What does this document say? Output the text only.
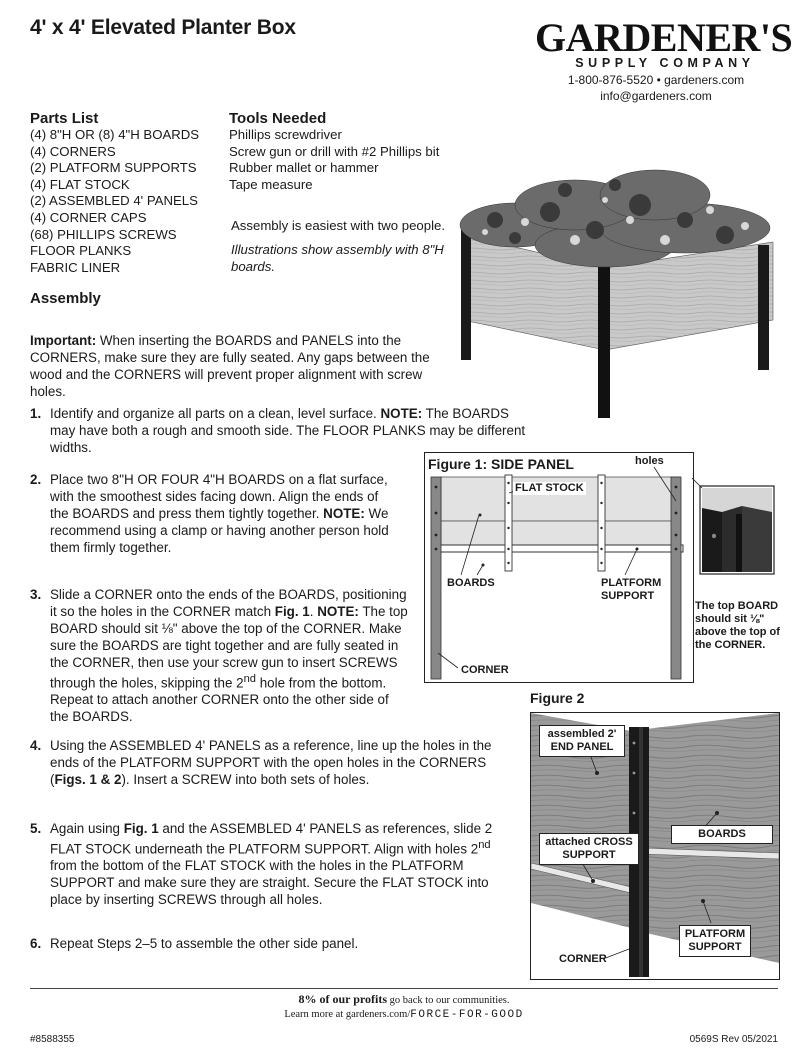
4' x 4' Elevated Planter Box	GARDENER'S
SUPPLY COMPANY
1-800-876-5520 • gardeners.com
info@gardeners.com
Parts List
(4) 8"H OR (8) 4"H BOARDS
(4) CORNERS
(2) PLATFORM SUPPORTS
(4) FLAT STOCK
(2) ASSEMBLED 4' PANELS
(4) CORNER CAPS
(68) PHILLIPS SCREWS
FLOOR PLANKS
FABRIC LINER
Tools Needed
Phillips screwdriver
Screw gun or drill with #2 Phillips bit
Rubber mallet or hammer
Tape measure
Assembly is easiest with two people.
Illustrations show assembly with 8"H boards.
Assembly
Important: When inserting the BOARDS and PANELS into the CORNERS, make sure they are fully seated. Any gaps between the wood and the CORNERS will prevent proper alignment with screw holes.
1. Identify and organize all parts on a clean, level surface. NOTE: The BOARDS may have both a rough and smooth side. The FLOOR PLANKS may be different widths.
2. Place two 8"H OR FOUR 4"H BOARDS on a flat surface, with the smoothest sides facing down. Align the ends of the BOARDS and press them tightly together. NOTE: We recommend using a clamp or having another person hold them firmly together.
3. Slide a CORNER onto the ends of the BOARDS, positioning it so the holes in the CORNER match Fig. 1. NOTE: The top BOARD should sit ⅛" above the top of the CORNER. Make sure the BOARDS are tight together and are fully seated in the CORNER, then use your screw gun to insert SCREWS through the holes, skipping the 2nd hole from the bottom. Repeat to attach another CORNER onto the other side of the BOARDS.
4. Using the ASSEMBLED 4' PANELS as a reference, line up the holes in the ends of the PLATFORM SUPPORT with the open holes in the CORNERS (Figs. 1 & 2). Insert a SCREW into both sets of holes.
5. Again using Fig. 1 and the ASSEMBLED 4' PANELS as references, slide 2 FLAT STOCK underneath the PLATFORM SUPPORT. Align with holes 2nd from the bottom of the FLAT STOCK with the holes in the PLATFORM SUPPORT and make sure they are straight. Secure the FLAT STOCK into place by inserting SCREWS through all holes.
6. Repeat Steps 2–5 to assemble the other side panel.
Figure 1: SIDE PANEL	holes
FLAT STOCK
BOARDS	PLATFORM SUPPORT
CORNER
The top BOARD should sit ⅛" above the top of the CORNER.
Figure 2
assembled 2' END PANEL
attached CROSS SUPPORT
BOARDS
PLATFORM SUPPORT
CORNER
8% of our profits go back to our communities.
Learn more at gardeners.com/FORCE-FOR-GOOD
#8588355	0569S Rev 05/2021
